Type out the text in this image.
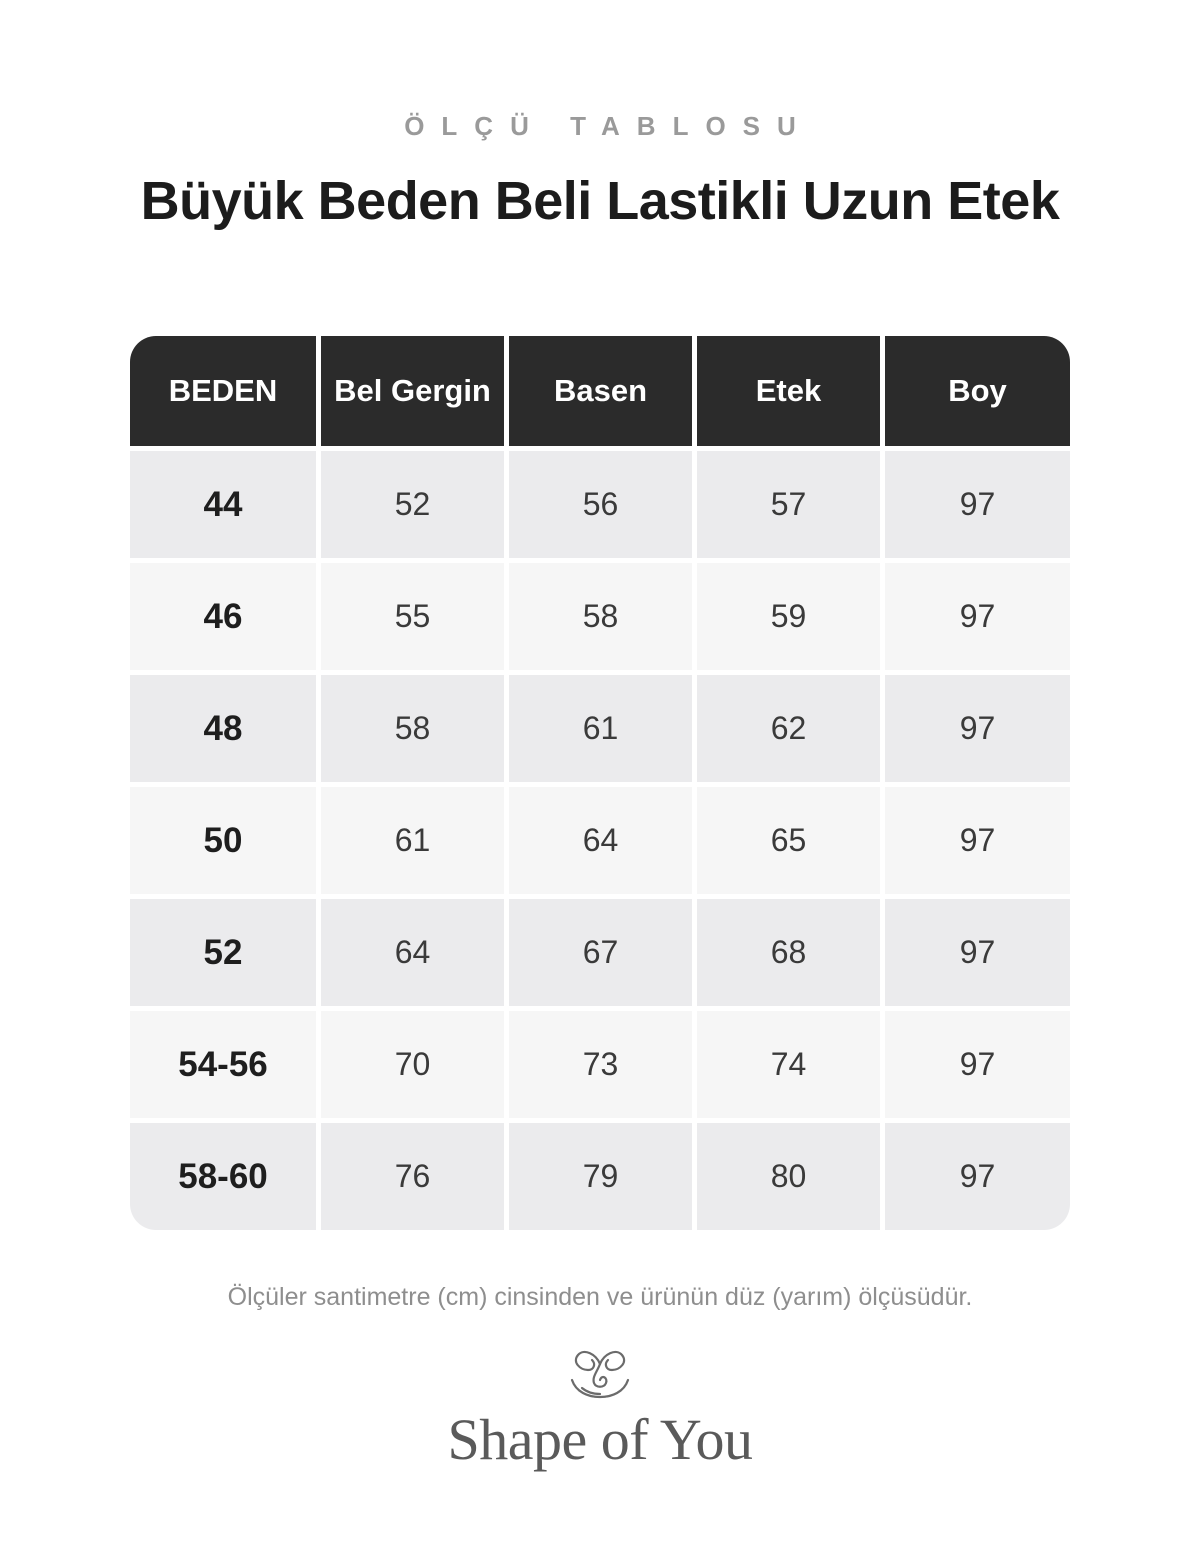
ÖLÇÜ TABLOSU
Büyük Beden Beli Lastikli Uzun Etek
BEDEN	Bel Gergin	Basen	Etek	Boy
44	52	56	57	97
46	55	58	59	97
48	58	61	62	97
50	61	64	65	97
52	64	67	68	97
54-56	70	73	74	97
58-60	76	79	80	97
Ölçüler santimetre (cm) cinsinden ve ürünün düz (yarım) ölçüsüdür.
Shape of You
